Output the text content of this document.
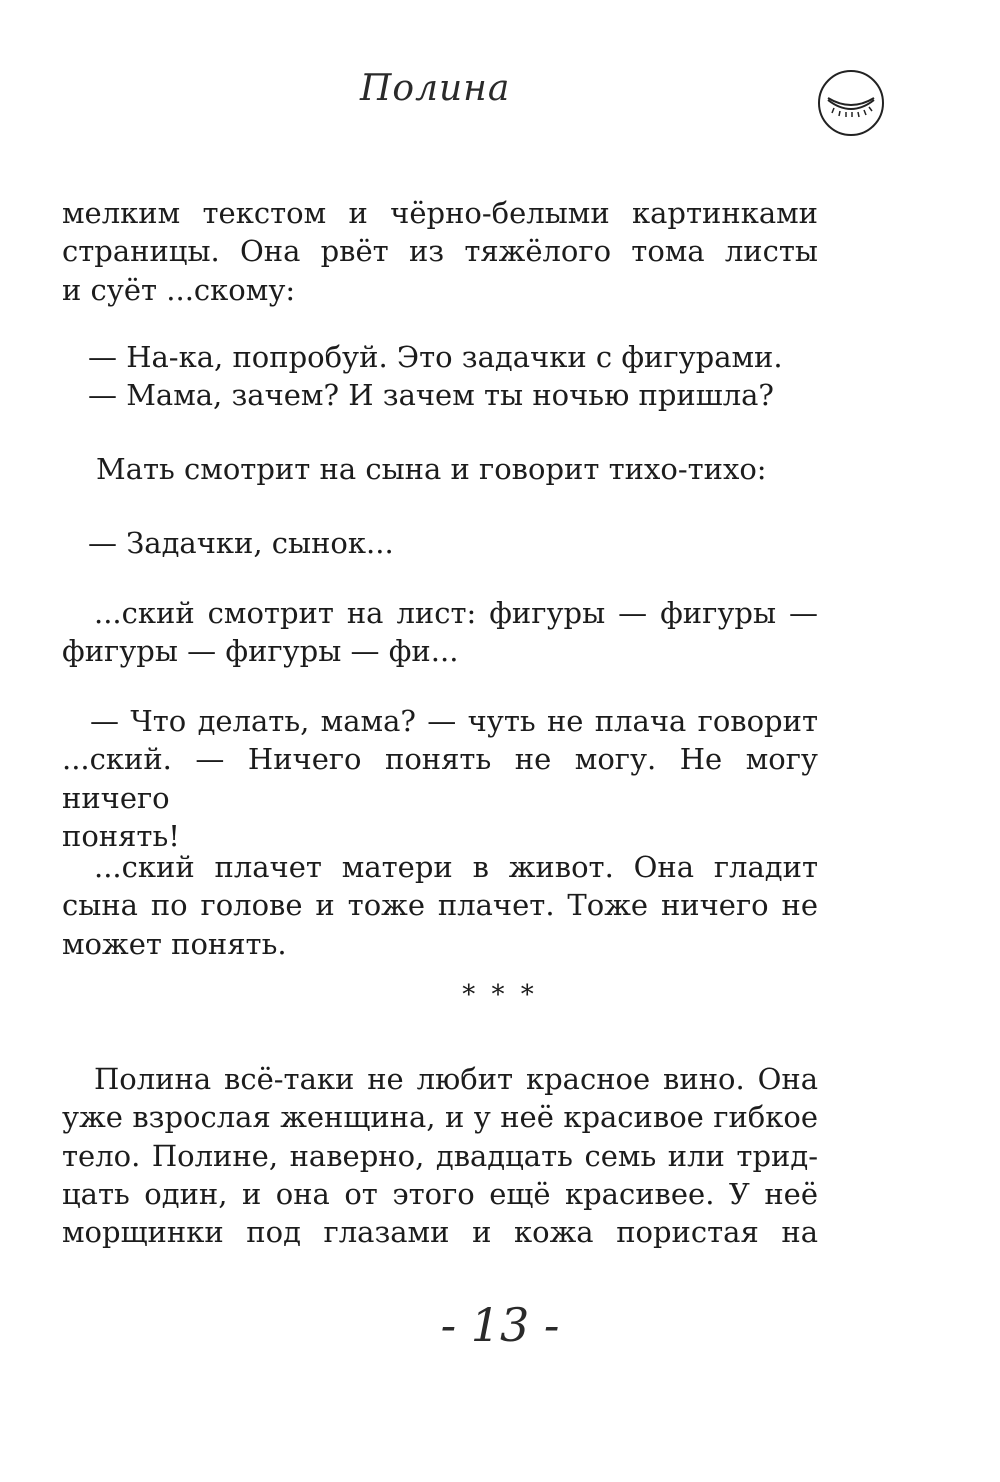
Полина

мелким текстом и чёрно-белыми картинками

страницы. Она рвёт из тяжёлого тома листы

и суёт ...скому:

— На-ка, попробуй. Это задачки с фигурами.

— Мама, зачем? И зачем ты ночью пришла?

Мать смотрит на сына и говорит тихо-тихо:

— Задачки, сынок...

...ский смотрит на лист: фигуры — фигуры —

фигуры — фигуры — фи...

— Что делать, мама? — чуть не плача говорит

...ский. — Ничего понять не могу. Не могу ничего

понять!

...ский плачет матери в живот. Она гладит

сына по голове и тоже плачет. Тоже ничего не

может понять.

* * *

Полина всё-таки не любит красное вино. Она

уже взрослая женщина, и у неё красивое гибкое

тело. Полине, наверно, двадцать семь или трид-

цать один, и она от этого ещё красивее. У неё

морщинки под глазами и кожа пористая на

- 13 -
